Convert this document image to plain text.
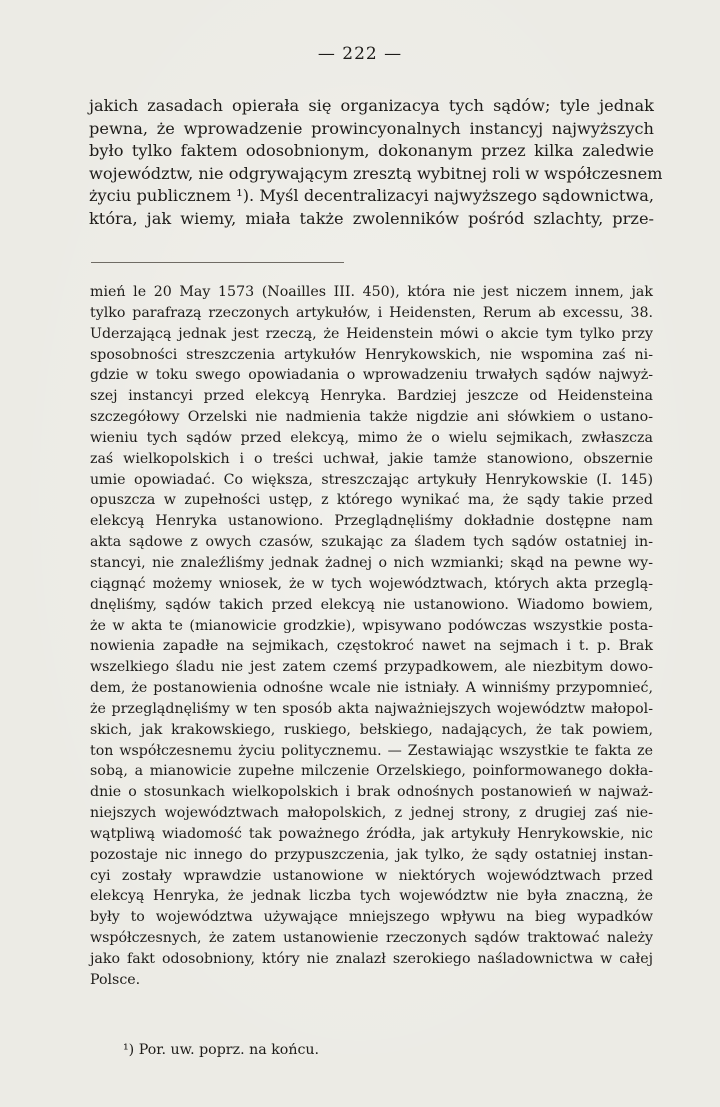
— 222 —
jakich zasadach opierała się organizacya tych sądów; tyle jednak
pewna, że wprowadzenie prowincyonalnych instancyj najwyższych
było tylko faktem odosobnionym, dokonanym przez kilka zaledwie
województw, nie odgrywającym zresztą wybitnej roli w współczesnem
życiu publicznem ¹). Myśl decentralizacyi najwyższego sądownictwa,
która, jak wiemy, miała także zwolenników pośród szlachty, prze-
mień le 20 May 1573 (Noailles III. 450), która nie jest niczem innem, jak
tylko parafrazą rzeczonych artykułów, i Heidensten, Rerum ab excessu, 38.
Uderzającą jednak jest rzeczą, że Heidenstein mówi o akcie tym tylko przy
sposobności streszczenia artykułów Henrykowskich, nie wspomina zaś ni-
gdzie w toku swego opowiadania o wprowadzeniu trwałych sądów najwyż-
szej instancyi przed elekcyą Henryka. Bardziej jeszcze od Heidensteina
szczegółowy Orzelski nie nadmienia także nigdzie ani słówkiem o ustano-
wieniu tych sądów przed elekcyą, mimo że o wielu sejmikach, zwłaszcza
zaś wielkopolskich i o treści uchwał, jakie tamże stanowiono, obszernie
umie opowiadać. Co większa, streszczając artykuły Henrykowskie (I. 145)
opuszcza w zupełności ustęp, z którego wynikać ma, że sądy takie przed
elekcyą Henryka ustanowiono. Przeglądnęliśmy dokładnie dostępne nam
akta sądowe z owych czasów, szukając za śladem tych sądów ostatniej in-
stancyi, nie znaleźliśmy jednak żadnej o nich wzmianki; skąd na pewne wy-
ciągnąć możemy wniosek, że w tych województwach, których akta przeglą-
dnęliśmy, sądów takich przed elekcyą nie ustanowiono. Wiadomo bowiem,
że w akta te (mianowicie grodzkie), wpisywano podówczas wszystkie posta-
nowienia zapadłe na sejmikach, częstokroć nawet na sejmach i t. p. Brak
wszelkiego śladu nie jest zatem czemś przypadkowem, ale niezbitym dowo-
dem, że postanowienia odnośne wcale nie istniały. A winniśmy przypomnieć,
że przeglądnęliśmy w ten sposób akta najważniejszych województw małopol-
skich, jak krakowskiego, ruskiego, bełskiego, nadających, że tak powiem,
ton współczesnemu życiu politycznemu. — Zestawiając wszystkie te fakta ze
sobą, a mianowicie zupełne milczenie Orzelskiego, poinformowanego dokła-
dnie o stosunkach wielkopolskich i brak odnośnych postanowień w najważ-
niejszych województwach małopolskich, z jednej strony, z drugiej zaś nie-
wątpliwą wiadomość tak poważnego źródła, jak artykuły Henrykowskie, nic
pozostaje nic innego do przypuszczenia, jak tylko, że sądy ostatniej instan-
cyi zostały wprawdzie ustanowione w niektórych województwach przed
elekcyą Henryka, że jednak liczba tych województw nie była znaczną, że
były to województwa używające mniejszego wpływu na bieg wypadków
współczesnych, że zatem ustanowienie rzeczonych sądów traktować należy
jako fakt odosobniony, który nie znalazł szerokiego naśladownictwa w całej
Polsce.
¹) Por. uw. poprz. na końcu.
